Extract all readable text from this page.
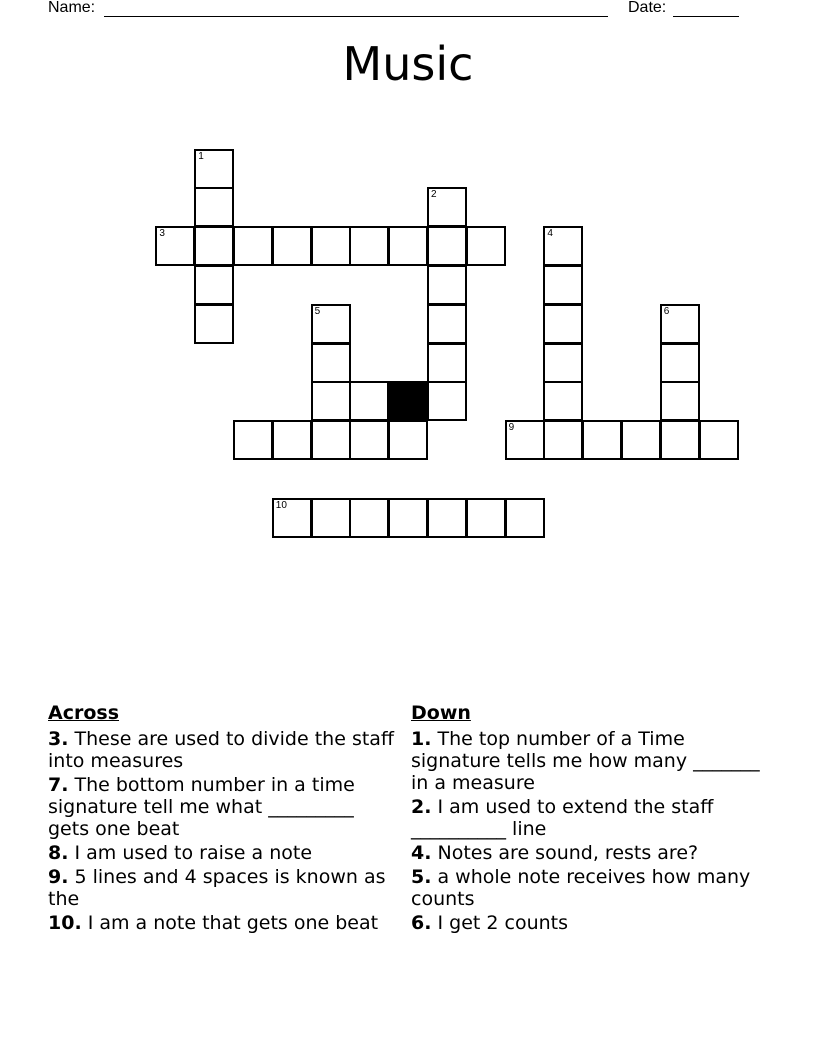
Name:	Date:
Music
1
2
4
5	6
3
9
10
Across
3. These are used to divide the staff into measures
7. The bottom number in a time signature tell me what _________ gets one beat
8. I am used to raise a note
9. 5 lines and 4 spaces is known as the
10. I am a note that gets one beat
Down
1. The top number of a Time signature tells me how many _______ in a measure
2. I am used to extend the staff __________ line
4. Notes are sound, rests are?
5. a whole note receives how many counts
6. I get 2 counts
